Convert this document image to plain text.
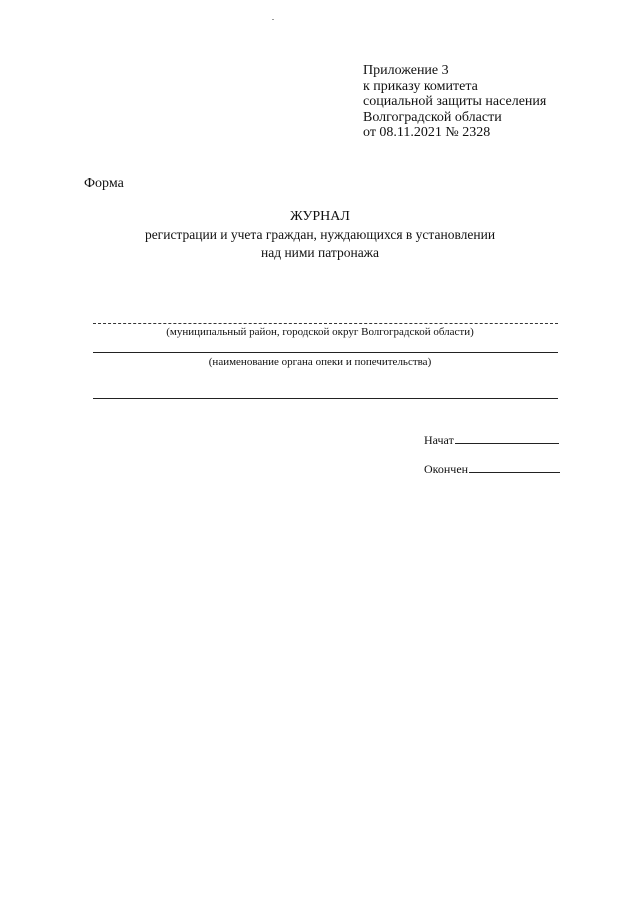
Приложение 3
к приказу комитета
социальной защиты населения
Волгоградской области
от 08.11.2021 № 2328
Форма
ЖУРНАЛ
регистрации и учета граждан, нуждающихся в установлении
над ними патронажа
(муниципальный район, городской округ Волгоградской области)
(наименование органа опеки и попечительства)
Начат
Окончен
